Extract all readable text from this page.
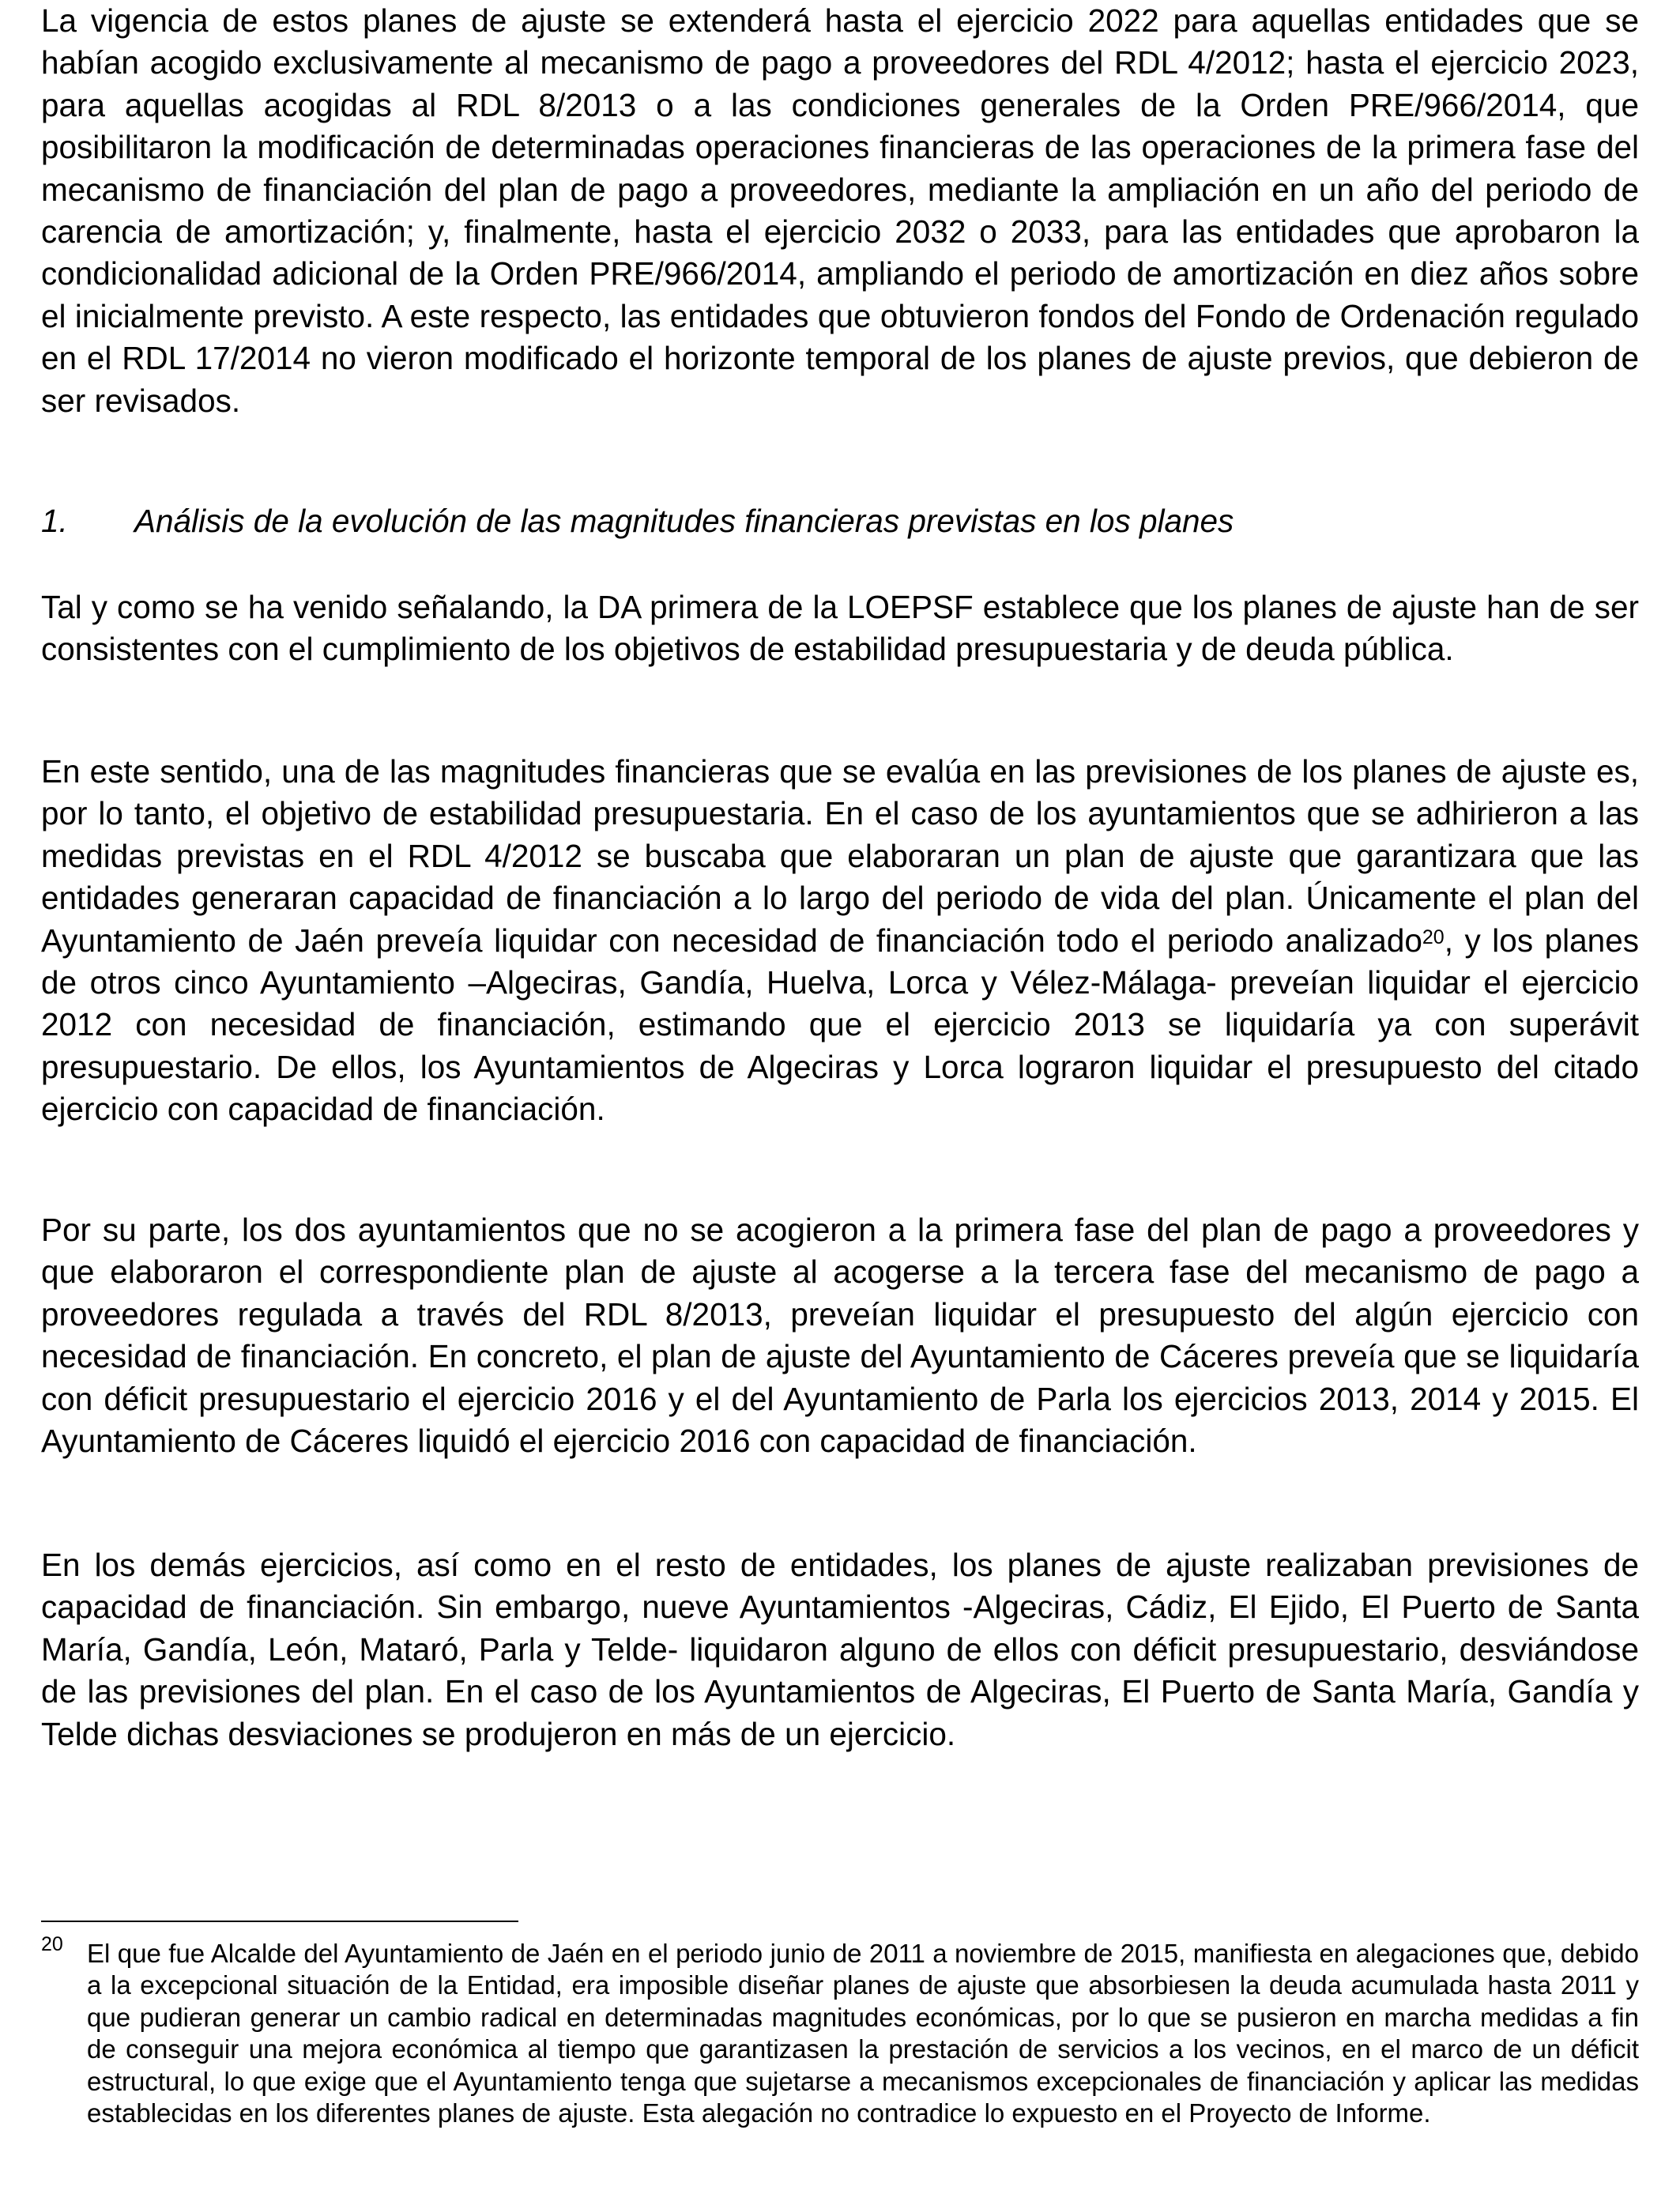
La vigencia de estos planes de ajuste se extenderá hasta el ejercicio 2022 para aquellas entidades que se habían acogido exclusivamente al mecanismo de pago a proveedores del RDL 4/2012; hasta el ejercicio 2023, para aquellas acogidas al RDL 8/2013 o a las condiciones generales de la Orden PRE/966/2014, que posibilitaron la modificación de determinadas operaciones financieras de las operaciones de la primera fase del mecanismo de financiación del plan de pago a proveedores, mediante la ampliación en un año del periodo de carencia de amortización; y, finalmente, hasta el ejercicio 2032 o 2033, para las entidades que aprobaron la condicionalidad adicional de la Orden PRE/966/2014, ampliando el periodo de amortización en diez años sobre el inicialmente previsto. A este respecto, las entidades que obtuvieron fondos del Fondo de Ordenación regulado en el RDL 17/2014 no vieron modificado el horizonte temporal de los planes de ajuste previos, que debieron de ser revisados.

1. Análisis de la evolución de las magnitudes financieras previstas en los planes

Tal y como se ha venido señalando, la DA primera de la LOEPSF establece que los planes de ajuste han de ser consistentes con el cumplimiento de los objetivos de estabilidad presupuestaria y de deuda pública.

En este sentido, una de las magnitudes financieras que se evalúa en las previsiones de los planes de ajuste es, por lo tanto, el objetivo de estabilidad presupuestaria. En el caso de los ayuntamientos que se adhirieron a las medidas previstas en el RDL 4/2012 se buscaba que elaboraran un plan de ajuste que garantizara que las entidades generaran capacidad de financiación a lo largo del periodo de vida del plan. Únicamente el plan del Ayuntamiento de Jaén preveía liquidar con necesidad de financiación todo el periodo analizado$^{20}$, y los planes de otros cinco Ayuntamiento –Algeciras, Gandía, Huelva, Lorca y Vélez-Málaga- preveían liquidar el ejercicio 2012 con necesidad de financiación, estimando que el ejercicio 2013 se liquidaría ya con superávit presupuestario. De ellos, los Ayuntamientos de Algeciras y Lorca lograron liquidar el presupuesto del citado ejercicio con capacidad de financiación.

Por su parte, los dos ayuntamientos que no se acogieron a la primera fase del plan de pago a proveedores y que elaboraron el correspondiente plan de ajuste al acogerse a la tercera fase del mecanismo de pago a proveedores regulada a través del RDL 8/2013, preveían liquidar el presupuesto del algún ejercicio con necesidad de financiación. En concreto, el plan de ajuste del Ayuntamiento de Cáceres preveía que se liquidaría con déficit presupuestario el ejercicio 2016 y el del Ayuntamiento de Parla los ejercicios 2013, 2014 y 2015. El Ayuntamiento de Cáceres liquidó el ejercicio 2016 con capacidad de financiación.

En los demás ejercicios, así como en el resto de entidades, los planes de ajuste realizaban previsiones de capacidad de financiación. Sin embargo, nueve Ayuntamientos -Algeciras, Cádiz, El Ejido, El Puerto de Santa María, Gandía, León, Mataró, Parla y Telde- liquidaron alguno de ellos con déficit presupuestario, desviándose de las previsiones del plan. En el caso de los Ayuntamientos de Algeciras, El Puerto de Santa María, Gandía y Telde dichas desviaciones se produjeron en más de un ejercicio.

20 El que fue Alcalde del Ayuntamiento de Jaén en el periodo junio de 2011 a noviembre de 2015, manifiesta en alegaciones que, debido a la excepcional situación de la Entidad, era imposible diseñar planes de ajuste que absorbiesen la deuda acumulada hasta 2011 y que pudieran generar un cambio radical en determinadas magnitudes económicas, por lo que se pusieron en marcha medidas a fin de conseguir una mejora económica al tiempo que garantizasen la prestación de servicios a los vecinos, en el marco de un déficit estructural, lo que exige que el Ayuntamiento tenga que sujetarse a mecanismos excepcionales de financiación y aplicar las medidas establecidas en los diferentes planes de ajuste. Esta alegación no contradice lo expuesto en el Proyecto de Informe.
